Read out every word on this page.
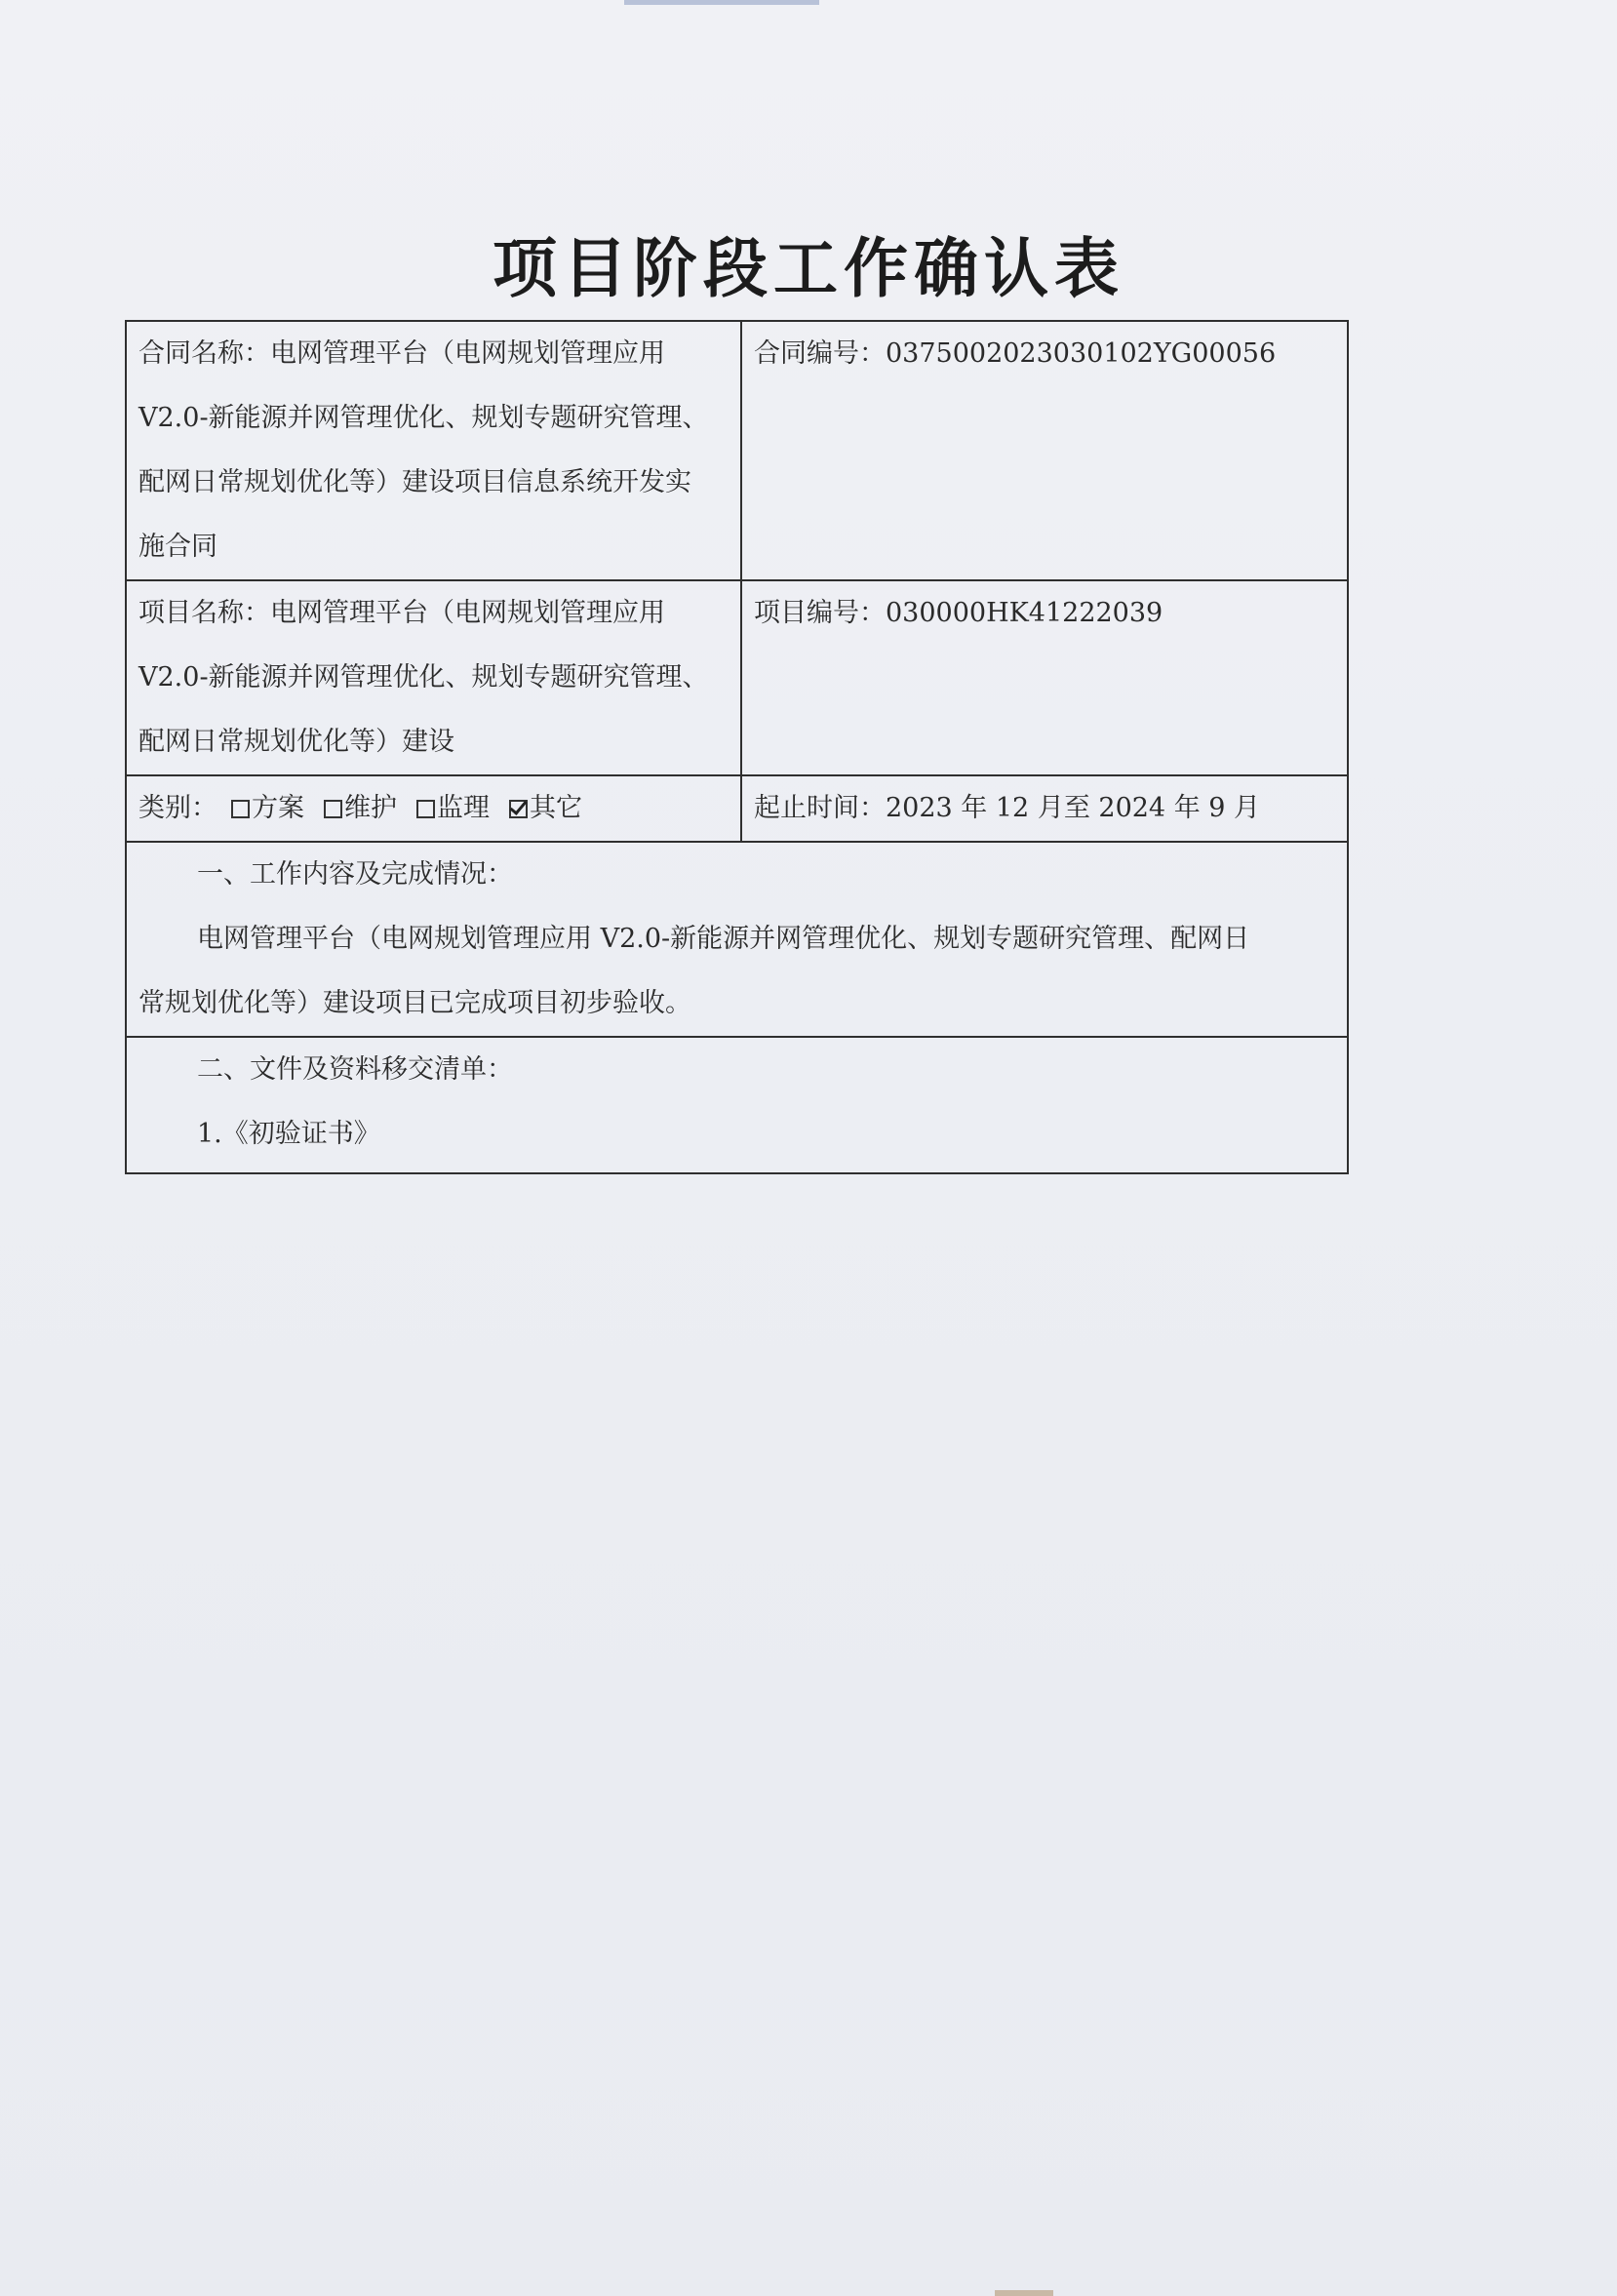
项目阶段工作确认表
合同名称：电网管理平台（电网规划管理应用
V2.0-新能源并网管理优化、规划专题研究管理、
配网日常规划优化等）建设项目信息系统开发实
施合同	合同编号：0375002023030102YG00056

项目名称：电网管理平台（电网规划管理应用
V2.0-新能源并网管理优化、规划专题研究管理、
配网日常规划优化等）建设	项目编号：030000HK41222039

类别： 方案 维护 监理 其它	起止时间：2023 年 12 月至 2024 年 9 月

一、工作内容及完成情况：
电网管理平台（电网规划管理应用 V2.0-新能源并网管理优化、规划专题研究管理、配网日
常规划优化等）建设项目已完成项目初步验收。	

二、文件及资料移交清单：
1.《初验证书》	
